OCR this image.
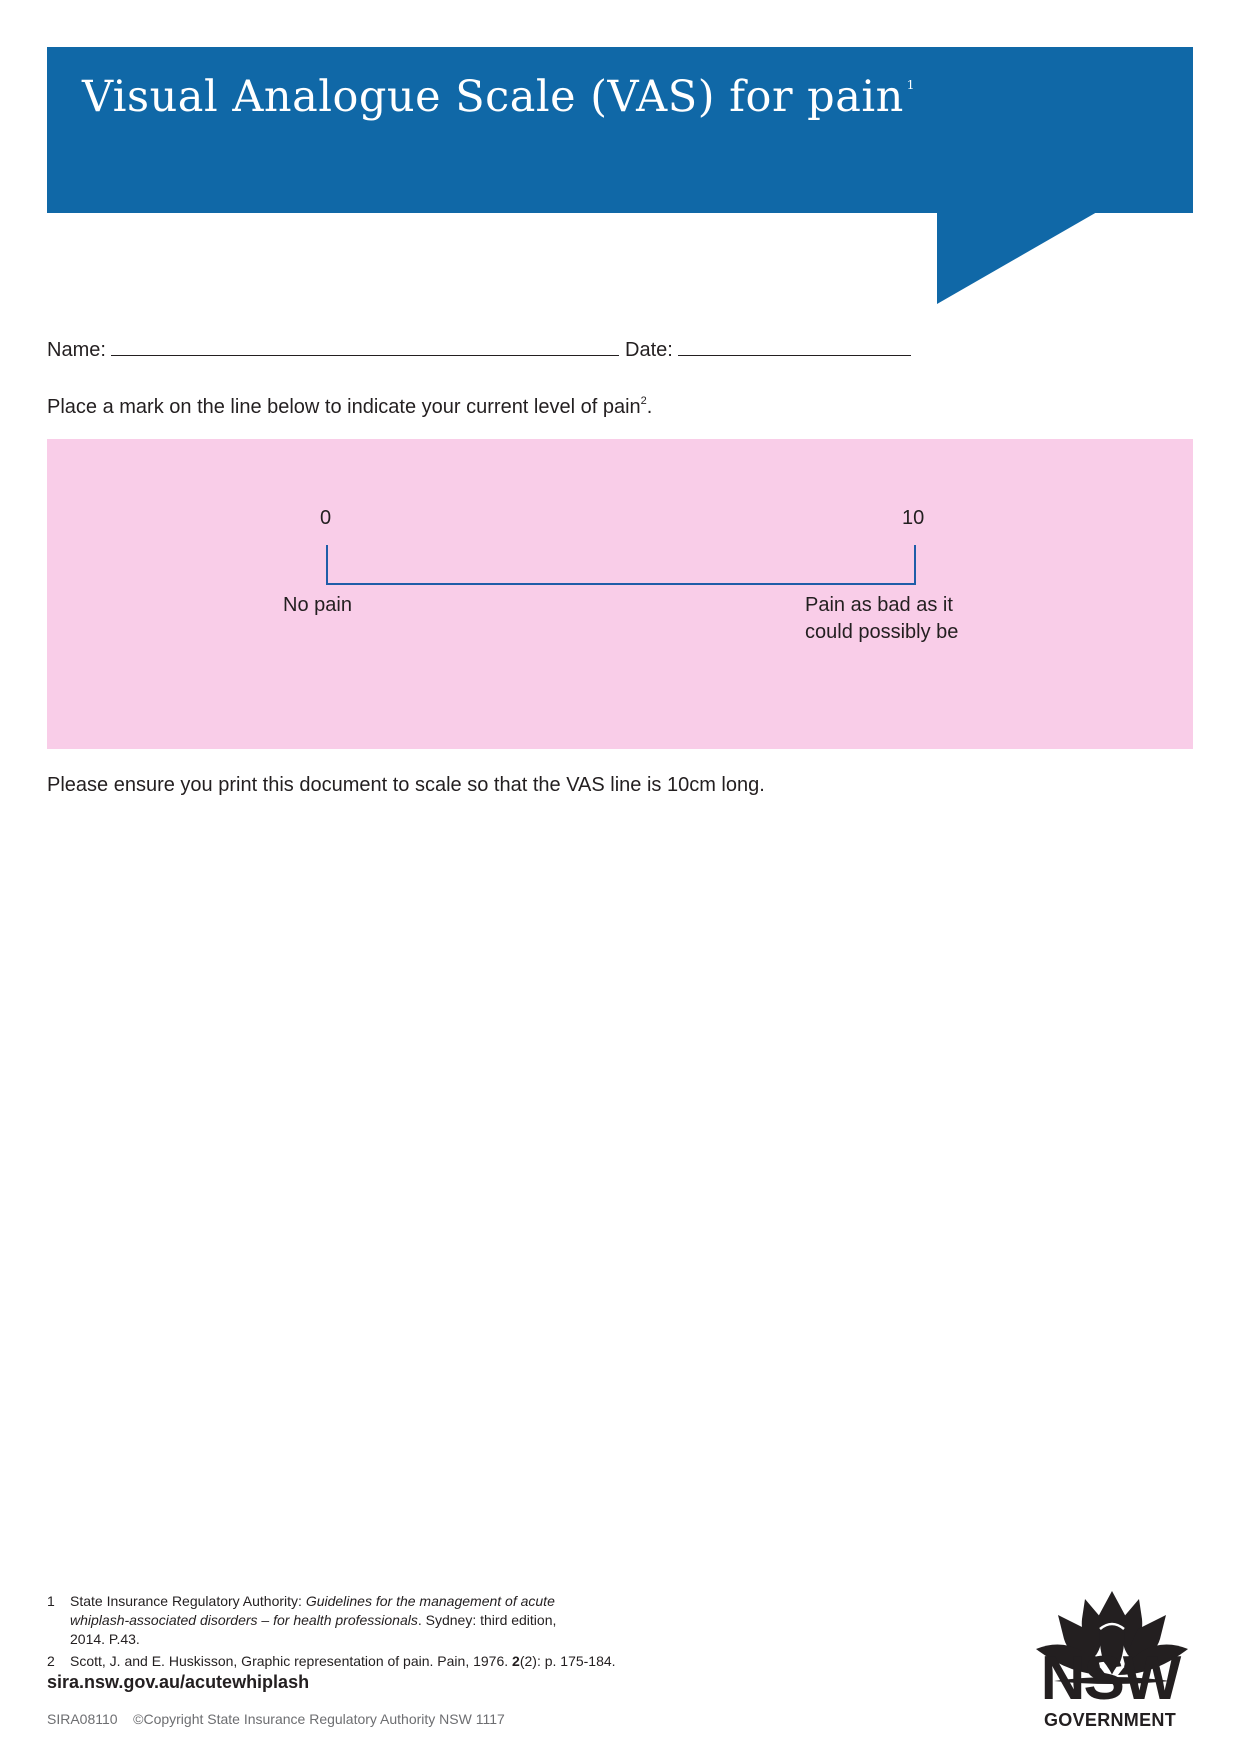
Visual Analogue Scale (VAS) for pain $^1$
Name:	Date:
Place a mark on the line below to indicate your current level of pain$^2$.
0	10
No pain	Pain as bad as it
could possibly be
Please ensure you print this document to scale so that the VAS line is 10cm long.
1	State Insurance Regulatory Authority: Guidelines for the management of acute whiplash-associated disorders – for health professionals. Sydney: third edition, 2014. P.43.
2	Scott, J. and E. Huskisson, Graphic representation of pain. Pain, 1976. 2(2): p. 175-184.
sira.nsw.gov.au/acutewhiplash
SIRA08110 ©Copyright State Insurance Regulatory Authority NSW 1117
NSW
GOVERNMENT
